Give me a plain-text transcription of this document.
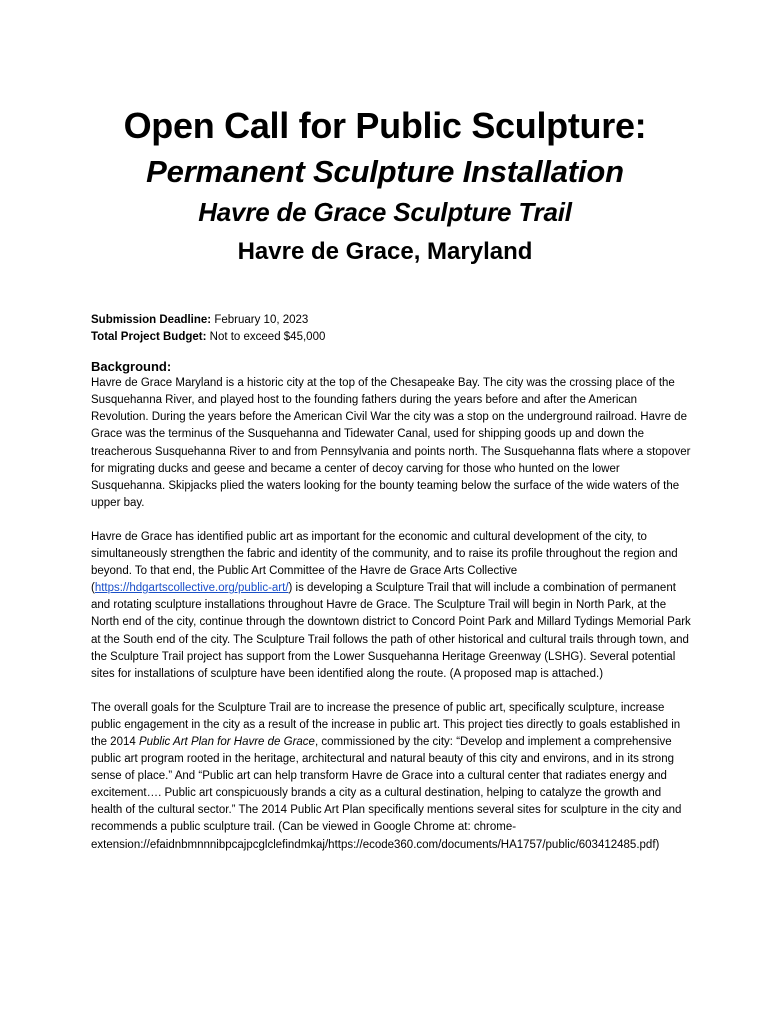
Open Call for Public Sculpture:
Permanent Sculpture Installation
Havre de Grace Sculpture Trail
Havre de Grace, Maryland

Submission Deadline: February 10, 2023

Total Project Budget: Not to exceed $45,000

Background:

Havre de Grace Maryland is a historic city at the top of the Chesapeake Bay. The city was the crossing place of the Susquehanna River, and played host to the founding fathers during the years before and after the American Revolution. During the years before the American Civil War the city was a stop on the underground railroad. Havre de Grace was the terminus of the Susquehanna and Tidewater Canal, used for shipping goods up and down the treacherous Susquehanna River to and from Pennsylvania and points north. The Susquehanna flats where a stopover for migrating ducks and geese and became a center of decoy carving for those who hunted on the lower Susquehanna. Skipjacks plied the waters looking for the bounty teaming below the surface of the wide waters of the upper bay.

Havre de Grace has identified public art as important for the economic and cultural development of the city, to simultaneously strengthen the fabric and identity of the community, and to raise its profile throughout the region and beyond. To that end, the Public Art Committee of the Havre de Grace Arts Collective (https://hdgartscollective.org/public-art/) is developing a Sculpture Trail that will include a combination of permanent and rotating sculpture installations throughout Havre de Grace. The Sculpture Trail will begin in North Park, at the North end of the city, continue through the downtown district to Concord Point Park and Millard Tydings Memorial Park at the South end of the city. The Sculpture Trail follows the path of other historical and cultural trails through town, and the Sculpture Trail project has support from the Lower Susquehanna Heritage Greenway (LSHG). Several potential sites for installations of sculpture have been identified along the route. (A proposed map is attached.)

The overall goals for the Sculpture Trail are to increase the presence of public art, specifically sculpture, increase public engagement in the city as a result of the increase in public art. This project ties directly to goals established in the 2014 Public Art Plan for Havre de Grace, commissioned by the city: “Develop and implement a comprehensive public art program rooted in the heritage, architectural and natural beauty of this city and environs, and in its strong sense of place.” And “Public art can help transform Havre de Grace into a cultural center that radiates energy and excitement…. Public art conspicuously brands a city as a cultural destination, helping to catalyze the growth and health of the cultural sector.” The 2014 Public Art Plan specifically mentions several sites for sculpture in the city and recommends a public sculpture trail. (Can be viewed in Google Chrome at: chrome-extension://efaidnbmnnnibpcajpcglclefindmkaj/https://ecode360.com/documents/HA1757/public/603412485.pdf)
